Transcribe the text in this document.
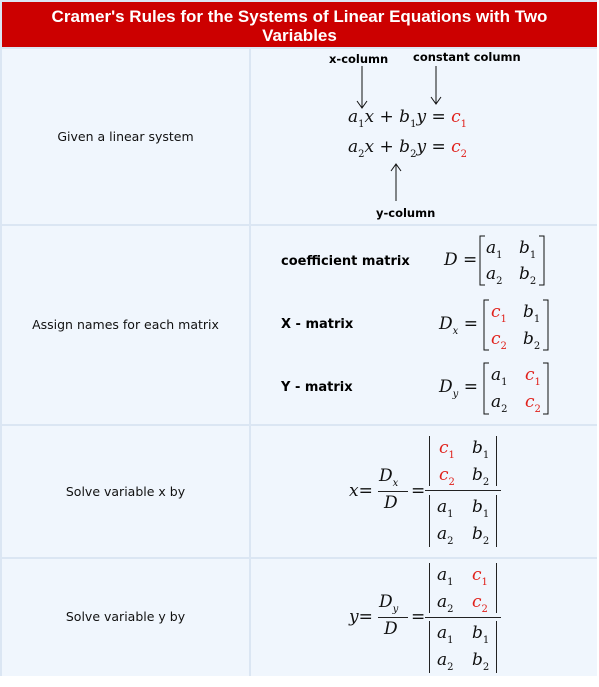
Cramer's Rules for the Systems of Linear Equations with Two Variables
Given a linear system
x-column constant column
$a_1x + b_1y = c_1$
$a_2x + b_2y = c_2$
y-column
Assign names for each matrix
coefficient matrix
X - matrix
Y - matrix
D =
$a_1$ $b_1$
$a_2$ $b_2$
$D_x$ =
$c_1$ $b_1$
$c_2$ $b_2$
$D_y$ =
$a_1$ $c_1$
$a_2$ $c_2$
Solve variable x by	x=
$D_x$
D
=
$c_1$ $b_1$
$c_2$ $b_2$
$a_1$ $b_1$
$a_2$ $b_2$
Solve variable y by	y=
$D_y$
D
=
$a_1$ $c_1$
$a_2$ $c_2$
$a_1$ $b_1$
$a_2$ $b_2$
